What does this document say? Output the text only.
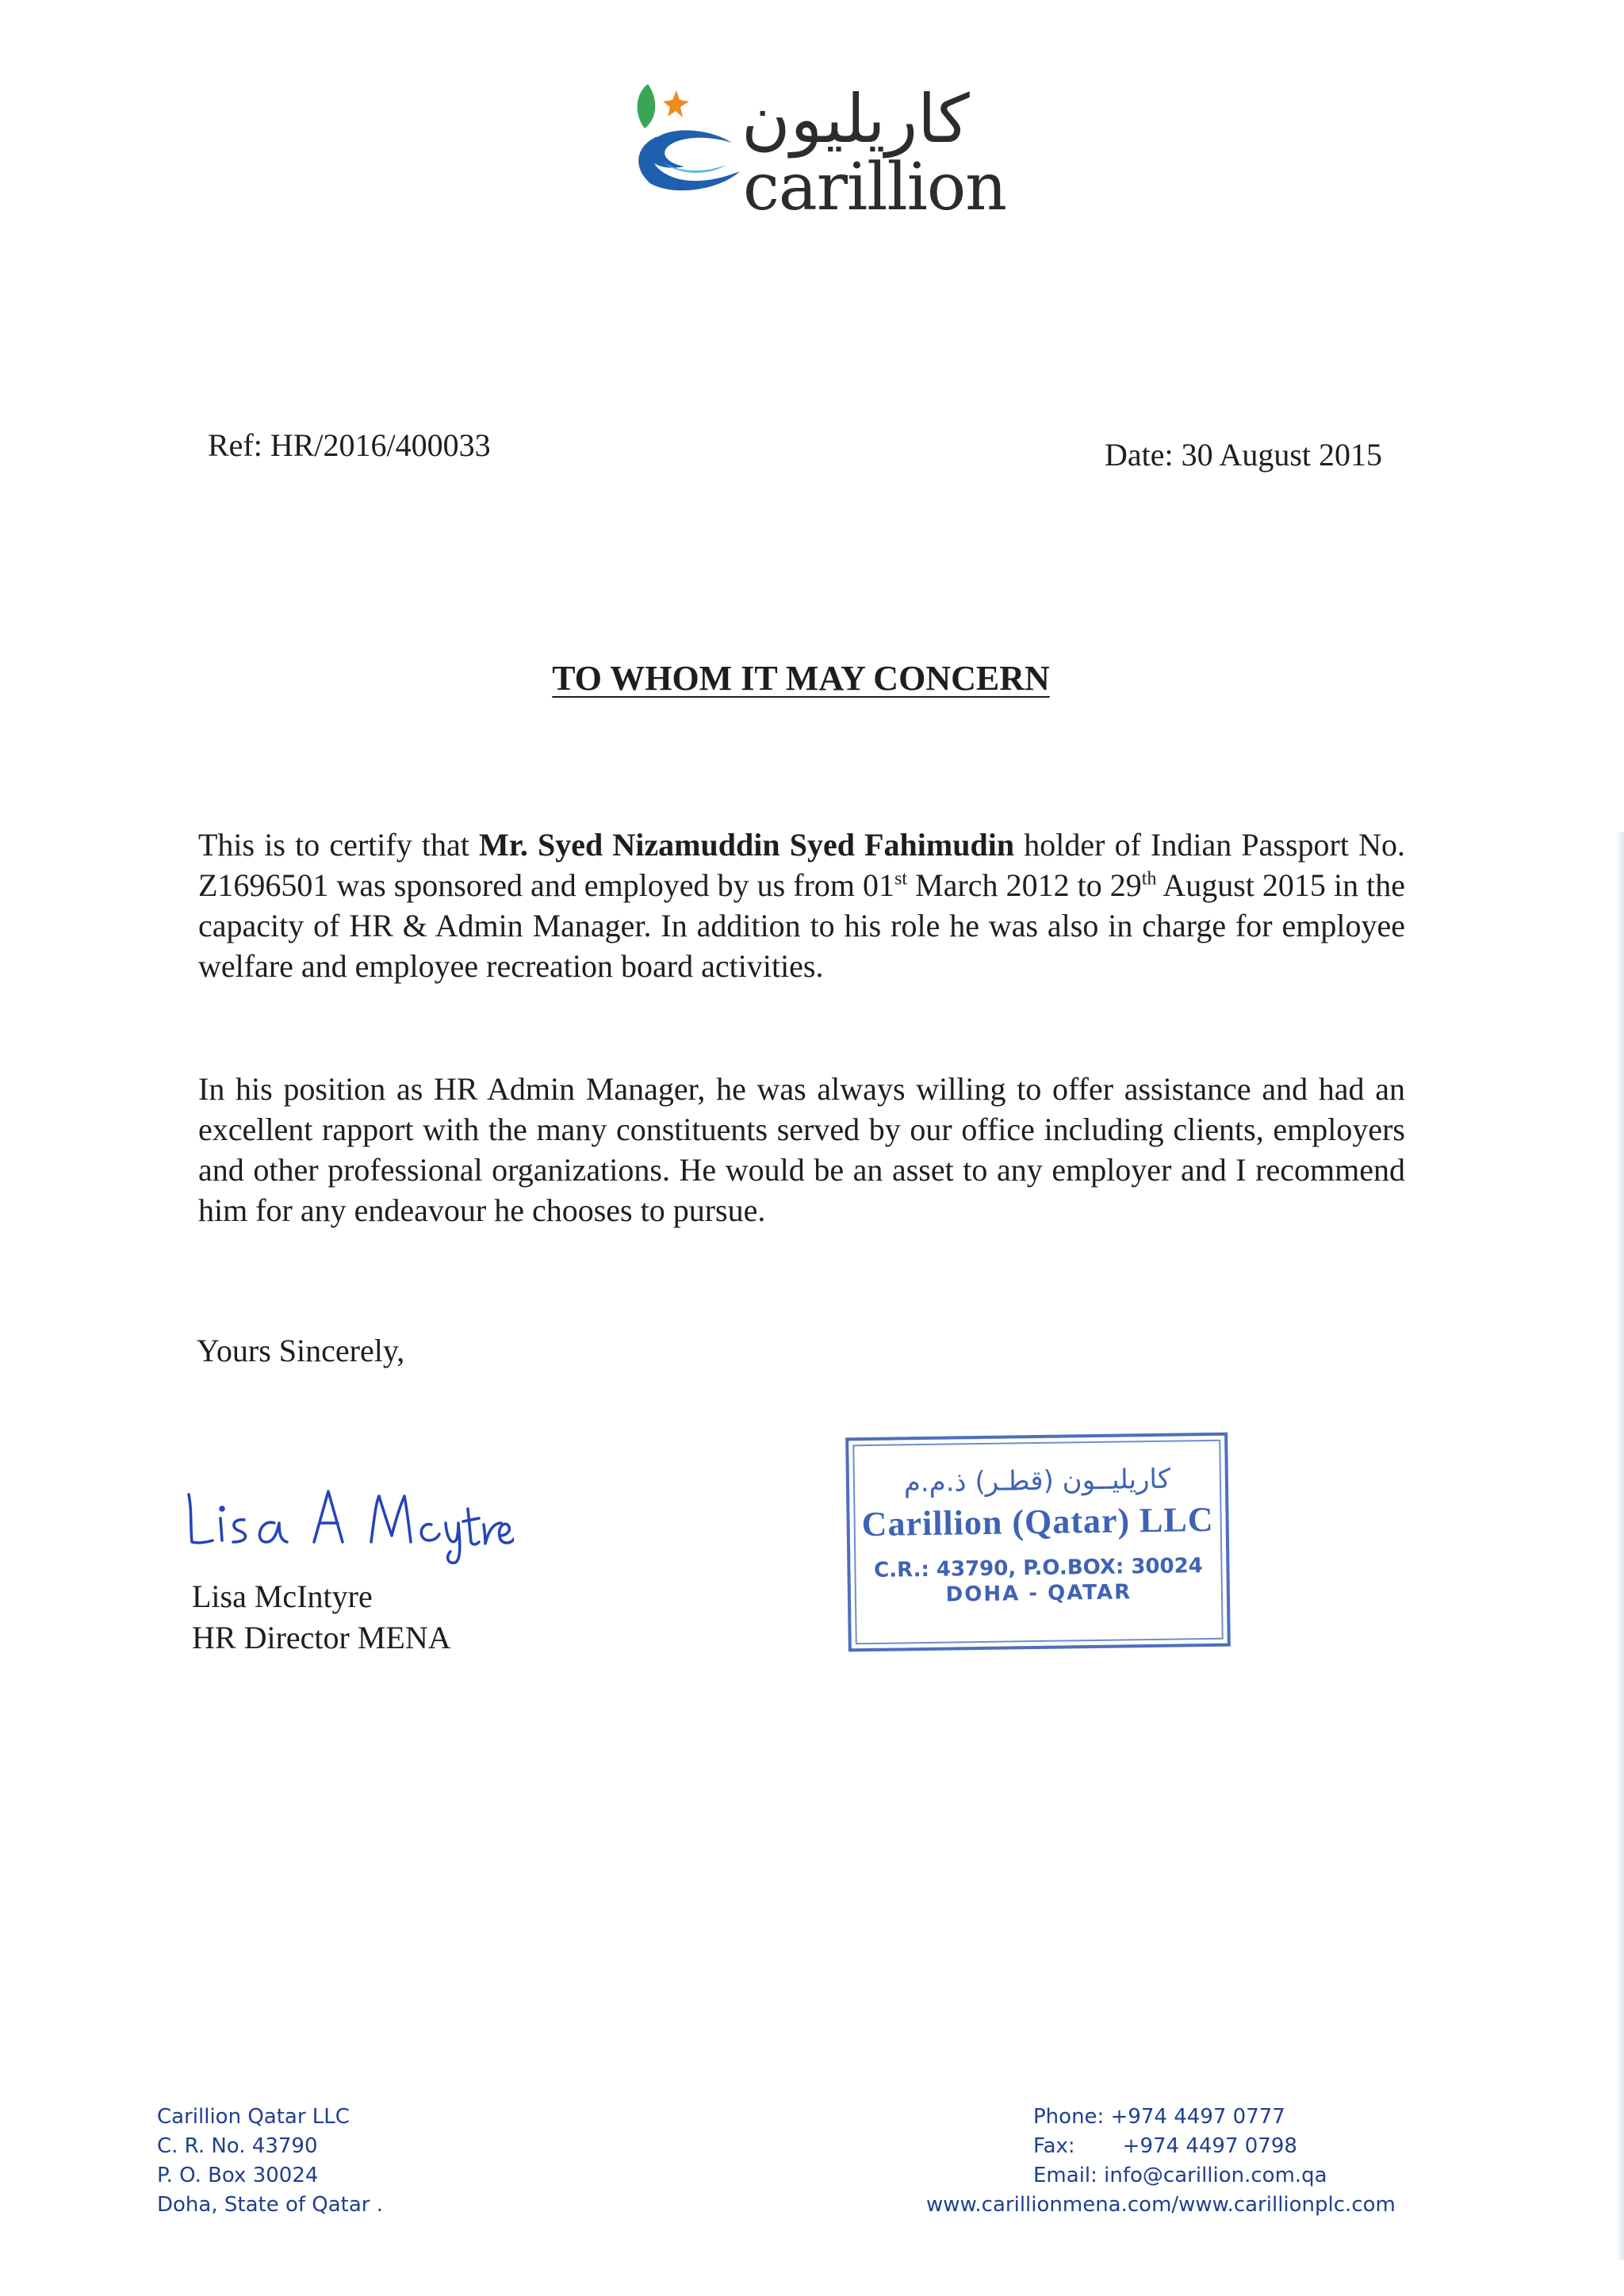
كاريليون
carillion
Ref: HR/2016/400033	Date: 30 August 2015
TO WHOM IT MAY CONCERN
This is to certify that Mr. Syed Nizamuddin Syed Fahimudin holder of Indian Passport No. Z1696501 was sponsored and employed by us from 01st March 2012 to 29th August 2015 in the capacity of HR & Admin Manager. In addition to his role he was also in charge for employee welfare and employee recreation board activities.
In his position as HR Admin Manager, he was always willing to offer assistance and had an excellent rapport with the many constituents served by our office including clients, employers and other professional organizations. He would be an asset to any employer and I recommend him for any endeavour he chooses to pursue.
Yours Sincerely,
Lisa McIntyre
HR Director MENA
كاريليــون (قطـر) ذ.م.م
Carillion (Qatar) LLC
C.R.: 43790, P.O.BOX: 30024
DOHA - QATAR
Carillion Qatar LLC
C. R. No. 43790
P. O. Box 30024
Doha, State of Qatar .
Phone: +974 4497 0777
Fax: +974 4497 0798
Email: info@carillion.com.qa
www.carillionmena.com/www.carillionplc.com
